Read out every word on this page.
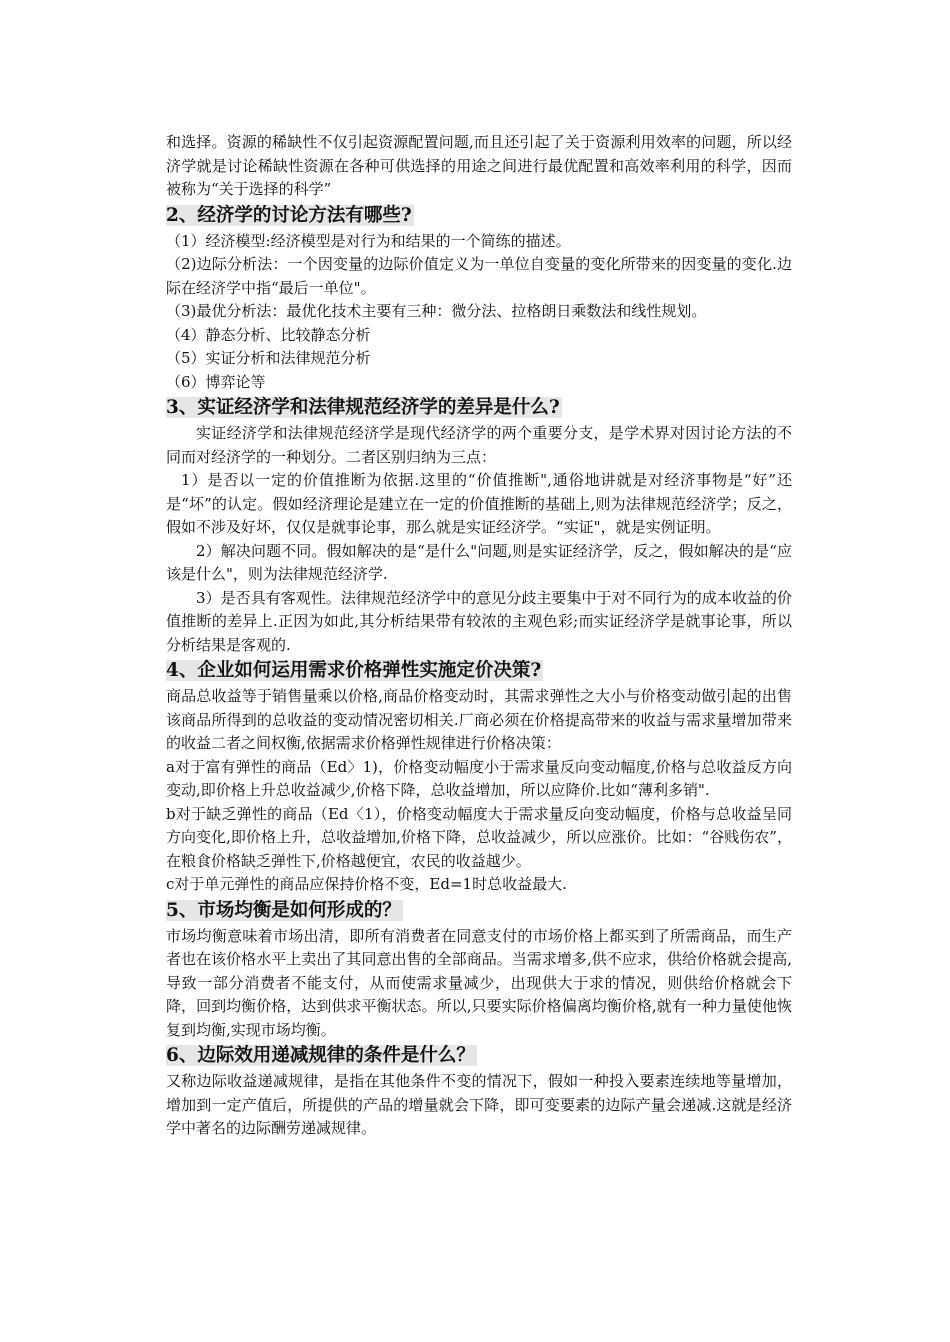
和选择。资源的稀缺性不仅引起资源配置问题,而且还引起了关于资源利用效率的问题，所以经济学就是讨论稀缺性资源在各种可供选择的用途之间进行最优配置和高效率利用的科学，因而被称为“关于选择的科学”

2、经济学的讨论方法有哪些?

（1）经济模型:经济模型是对行为和结果的一个简练的描述。

（2)边际分析法：一个因变量的边际价值定义为一单位自变量的变化所带来的因变量的变化.边际在经济学中指“最后一单位"。

（3)最优分析法：最优化技术主要有三种：微分法、拉格朗日乘数法和线性规划。

（4）静态分析、比较静态分析

（5）实证分析和法律规范分析

（6）博弈论等

3、实证经济学和法律规范经济学的差异是什么?

实证经济学和法律规范经济学是现代经济学的两个重要分支，是学术界对因讨论方法的不同而对经济学的一种划分。二者区别归纳为三点：

1）是否以一定的价值推断为依据.这里的“价值推断",通俗地讲就是对经济事物是“好”还是“坏”的认定。假如经济理论是建立在一定的价值推断的基础上,则为法律规范经济学；反之，假如不涉及好坏，仅仅是就事论事，那么就是实证经济学。“实证"，就是实例证明。

2）解决问题不同。假如解决的是“是什么"问题,则是实证经济学，反之，假如解决的是“应该是什么"，则为法律规范经济学.

3）是否具有客观性。法律规范经济学中的意见分歧主要集中于对不同行为的成本收益的价值推断的差异上.正因为如此,其分析结果带有较浓的主观色彩;而实证经济学是就事论事，所以分析结果是客观的.

4、企业如何运用需求价格弹性实施定价决策?

商品总收益等于销售量乘以价格,商品价格变动时，其需求弹性之大小与价格变动做引起的出售该商品所得到的总收益的变动情况密切相关.厂商必须在价格提高带来的收益与需求量增加带来的收益二者之间权衡,依据需求价格弹性规律进行价格决策：

a对于富有弹性的商品（Ed〉1)，价格变动幅度小于需求量反向变动幅度,价格与总收益反方向变动,即价格上升总收益减少,价格下降，总收益增加，所以应降价.比如“薄利多销".

b对于缺乏弹性的商品（Ed〈1），价格变动幅度大于需求量反向变动幅度，价格与总收益呈同方向变化,即价格上升，总收益增加,价格下降，总收益减少，所以应涨价。比如：“谷贱伤农”，在粮食价格缺乏弹性下,价格越便宜，农民的收益越少。

c对于单元弹性的商品应保持价格不变，Ed=1时总收益最大.

5、市场均衡是如何形成的？

市场均衡意味着市场出清，即所有消费者在同意支付的市场价格上都买到了所需商品，而生产者也在该价格水平上卖出了其同意出售的全部商品。当需求增多,供不应求，供给价格就会提高,导致一部分消费者不能支付，从而使需求量减少，出现供大于求的情况，则供给价格就会下降，回到均衡价格，达到供求平衡状态。所以,只要实际价格偏离均衡价格,就有一种力量使他恢复到均衡,实现市场均衡。

6、边际效用递减规律的条件是什么？

又称边际收益递减规律，是指在其他条件不变的情况下，假如一种投入要素连续地等量增加，增加到一定产值后，所提供的产品的增量就会下降，即可变要素的边际产量会递减.这就是经济学中著名的边际酬劳递减规律。
